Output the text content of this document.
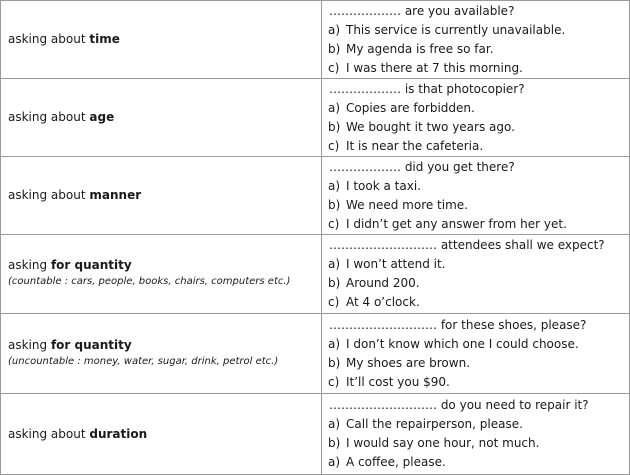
asking about time
……………… are you available?
a) This service is currently unavailable.
b) My agenda is free so far.
c) I was there at 7 this morning.
asking about age
……………… is that photocopier?
a) Copies are forbidden.
b) We bought it two years ago.
c) It is near the cafeteria.
asking about manner
……………… did you get there?
a) I took a taxi.
b) We need more time.
c) I didn’t get any answer from her yet.
asking for quantity
(countable : cars, people, books, chairs, computers etc.)
……………………… attendees shall we expect?
a) I won’t attend it.
b) Around 200.
c) At 4 o’clock.
asking for quantity
(uncountable : money, water, sugar, drink, petrol etc.)
……………………… for these shoes, please?
a) I don’t know which one I could choose.
b) My shoes are brown.
c) It’ll cost you $90.
asking about duration
……………………… do you need to repair it?
a) Call the repairperson, please.
b) I would say one hour, not much.
a) A coffee, please.
